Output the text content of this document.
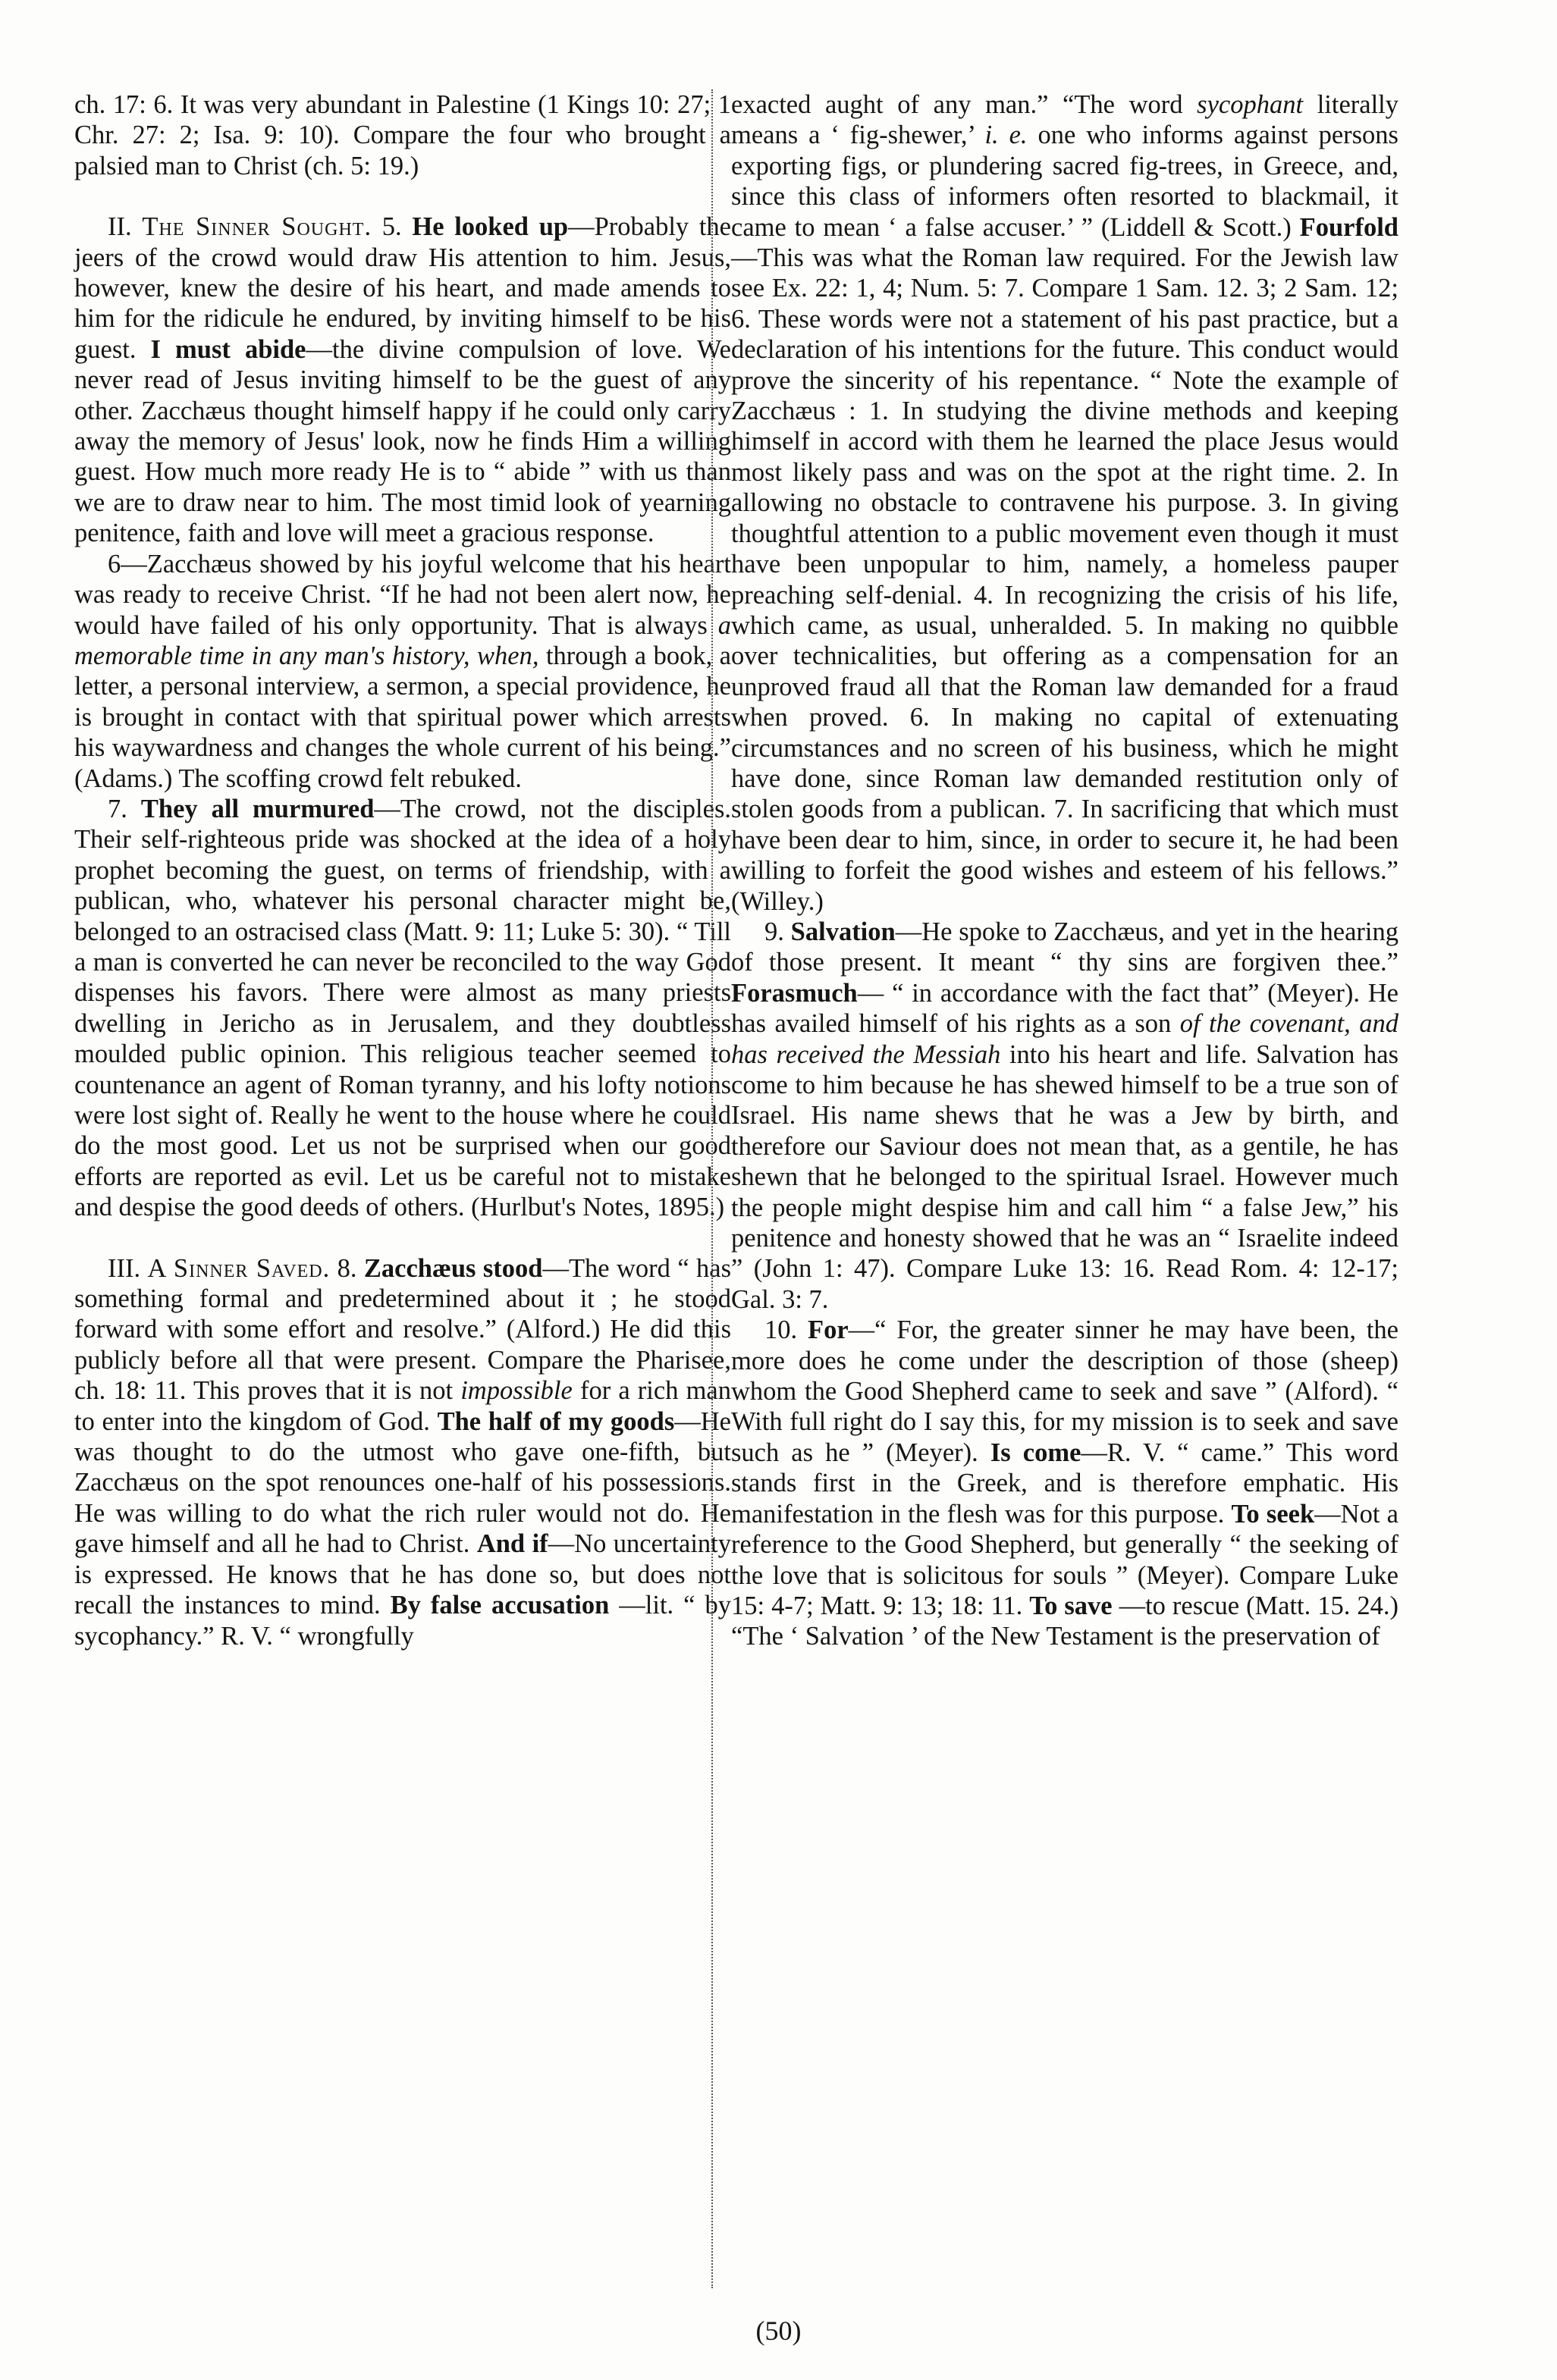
ch. 17: 6. It was very abundant in Palestine (1 Kings 10: 27; 1 Chr. 27: 2; Isa. 9: 10). Compare the four who brought a palsied man to Christ (ch. 5: 19.)

II. The Sinner Sought. 5. He looked up—Probably the jeers of the crowd would draw His attention to him. Jesus, however, knew the desire of his heart, and made amends to him for the ridicule he endured, by inviting himself to be his guest. I must abide—the divine compulsion of love. We never read of Jesus inviting himself to be the guest of any other. Zacchæus thought himself happy if he could only carry away the memory of Jesus' look, now he finds Him a willing guest. How much more ready He is to “ abide ” with us than we are to draw near to him. The most timid look of yearning penitence, faith and love will meet a gracious response.

6—Zacchæus showed by his joyful welcome that his heart was ready to receive Christ. “If he had not been alert now, he would have failed of his only opportunity. That is always a memorable time in any man's history, when, through a book, a letter, a personal interview, a sermon, a special providence, he is brought in contact with that spiritual power which arrests his waywardness and changes the whole current of his being.” (Adams.) The scoffing crowd felt rebuked.

7. They all murmured—The crowd, not the disciples. Their self-righteous pride was shocked at the idea of a holy prophet becoming the guest, on terms of friendship, with a publican, who, whatever his personal character might be, belonged to an ostracised class (Matt. 9: 11; Luke 5: 30). “ Till a man is converted he can never be reconciled to the way God dispenses his favors. There were almost as many priests dwelling in Jericho as in Jerusalem, and they doubtless moulded public opinion. This religious teacher seemed to countenance an agent of Roman tyranny, and his lofty notions were lost sight of. Really he went to the house where he could do the most good. Let us not be surprised when our good efforts are reported as evil. Let us be careful not to mistake and despise the good deeds of others. (Hurlbut's Notes, 1895.)

III. A Sinner Saved. 8. Zacchæus stood—The word “ has something formal and predetermined about it ; he stood forward with some effort and resolve.” (Alford.) He did this publicly before all that were present. Compare the Pharisee, ch. 18: 11. This proves that it is not impossible for a rich man to enter into the kingdom of God. The half of my goods—He was thought to do the utmost who gave one-fifth, but Zacchæus on the spot renounces one-half of his possessions. He was willing to do what the rich ruler would not do. He gave himself and all he had to Christ. And if—No uncertainty is expressed. He knows that he has done so, but does not recall the instances to mind. By false accusation —lit. “ by sycophancy.” R. V. “ wrongfully

exacted aught of any man.” “The word sycophant literally means a ‘ fig-shewer,’ i. e. one who informs against persons exporting figs, or plundering sacred fig-trees, in Greece, and, since this class of informers often resorted to blackmail, it came to mean ‘ a false accuser.’ ” (Liddell & Scott.) Fourfold—This was what the Roman law required. For the Jewish law see Ex. 22: 1, 4; Num. 5: 7. Compare 1 Sam. 12. 3; 2 Sam. 12; 6. These words were not a statement of his past practice, but a declaration of his intentions for the future. This conduct would prove the sincerity of his repentance. “ Note the example of Zacchæus : 1. In studying the divine methods and keeping himself in accord with them he learned the place Jesus would most likely pass and was on the spot at the right time. 2. In allowing no obstacle to contravene his purpose. 3. In giving thoughtful attention to a public movement even though it must have been unpopular to him, namely, a homeless pauper preaching self-denial. 4. In recognizing the crisis of his life, which came, as usual, unheralded. 5. In making no quibble over technicalities, but offering as a compensation for an unproved fraud all that the Roman law demanded for a fraud when proved. 6. In making no capital of extenuating circumstances and no screen of his business, which he might have done, since Roman law demanded restitution only of stolen goods from a publican. 7. In sacrificing that which must have been dear to him, since, in order to secure it, he had been willing to forfeit the good wishes and esteem of his fellows.” (Willey.)

9. Salvation—He spoke to Zacchæus, and yet in the hearing of those present. It meant “ thy sins are forgiven thee.” Forasmuch— “ in accordance with the fact that” (Meyer). He has availed himself of his rights as a son of the covenant, and has received the Messiah into his heart and life. Salvation has come to him because he has shewed himself to be a true son of Israel. His name shews that he was a Jew by birth, and therefore our Saviour does not mean that, as a gentile, he has shewn that he belonged to the spiritual Israel. However much the people might despise him and call him “ a false Jew,” his penitence and honesty showed that he was an “ Israelite indeed ” (John 1: 47). Compare Luke 13: 16. Read Rom. 4: 12-17; Gal. 3: 7.

10. For—“ For, the greater sinner he may have been, the more does he come under the description of those (sheep) whom the Good Shepherd came to seek and save ” (Alford). “ With full right do I say this, for my mission is to seek and save such as he ” (Meyer). Is come—R. V. “ came.” This word stands first in the Greek, and is therefore emphatic. His manifestation in the flesh was for this purpose. To seek—Not a reference to the Good Shepherd, but generally “ the seeking of the love that is solicitous for souls ” (Meyer). Compare Luke 15: 4-7; Matt. 9: 13; 18: 11. To save —to rescue (Matt. 15. 24.) “The ‘ Salvation ’ of the New Testament is the preservation of

(50)
